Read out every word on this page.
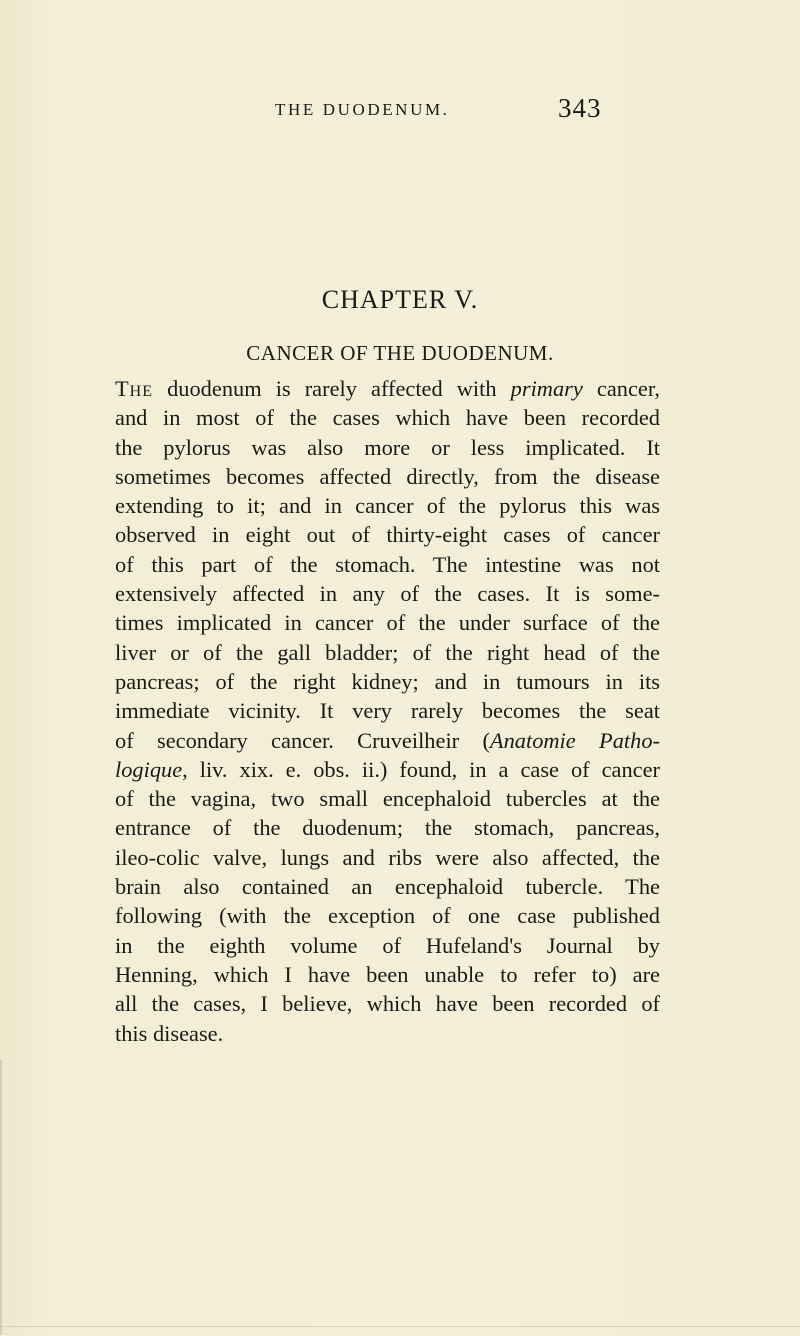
THE DUODENUM.	343
CHAPTER V.
CANCER OF THE DUODENUM.
The duodenum is rarely affected with primary cancer,
and in most of the cases which have been recorded
the pylorus was also more or less implicated. It
sometimes becomes affected directly, from the disease
extending to it; and in cancer of the pylorus this was
observed in eight out of thirty-eight cases of cancer
of this part of the stomach. The intestine was not
extensively affected in any of the cases. It is some-
times implicated in cancer of the under surface of the
liver or of the gall bladder; of the right head of the
pancreas; of the right kidney; and in tumours in its
immediate vicinity. It very rarely becomes the seat
of secondary cancer. Cruveilheir (Anatomie Patho-
logique, liv. xix. e. obs. ii.) found, in a case of cancer
of the vagina, two small encephaloid tubercles at the
entrance of the duodenum; the stomach, pancreas,
ileo-colic valve, lungs and ribs were also affected, the
brain also contained an encephaloid tubercle. The
following (with the exception of one case published
in the eighth volume of Hufeland's Journal by
Henning, which I have been unable to refer to) are
all the cases, I believe, which have been recorded of
this disease.
